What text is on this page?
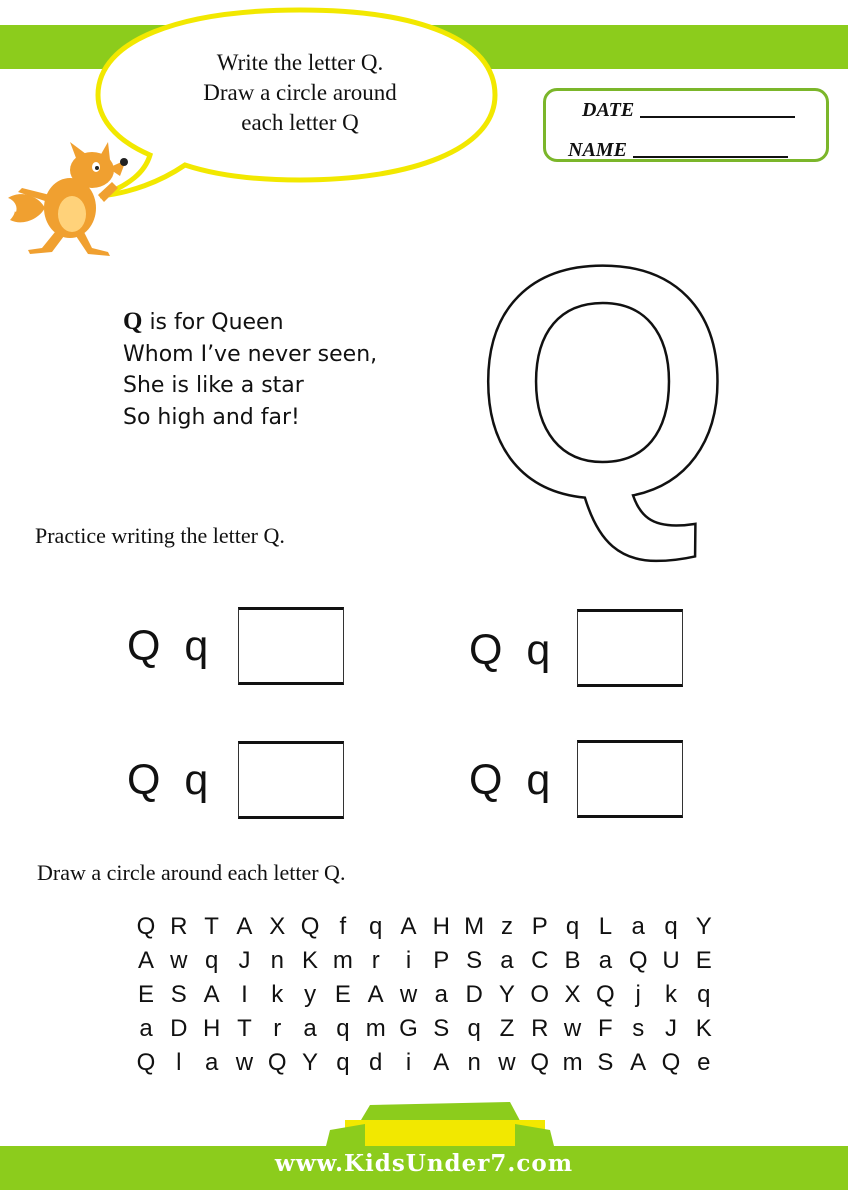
Write the letter Q.
Draw a circle around
each letter Q	DATE
NAME
Q is for Queen
Whom I’ve never seen,
She is like a star
So high and far! Q
Practice writing the letter Q.
Q q	Q q
Q q	Q q
Draw a circle around each letter Q.
Q R T A X Q f q A H M z P q L a q Y
A w q J n K m r	i P S a C B a Q U E
E S A I k y E A w a D Y O X Q j	k q
a D H T r a q m G S q Z R w F s J K
Q l a w Q Y q d i A n w Q m S A Q e
www.KidsUnder7.com
